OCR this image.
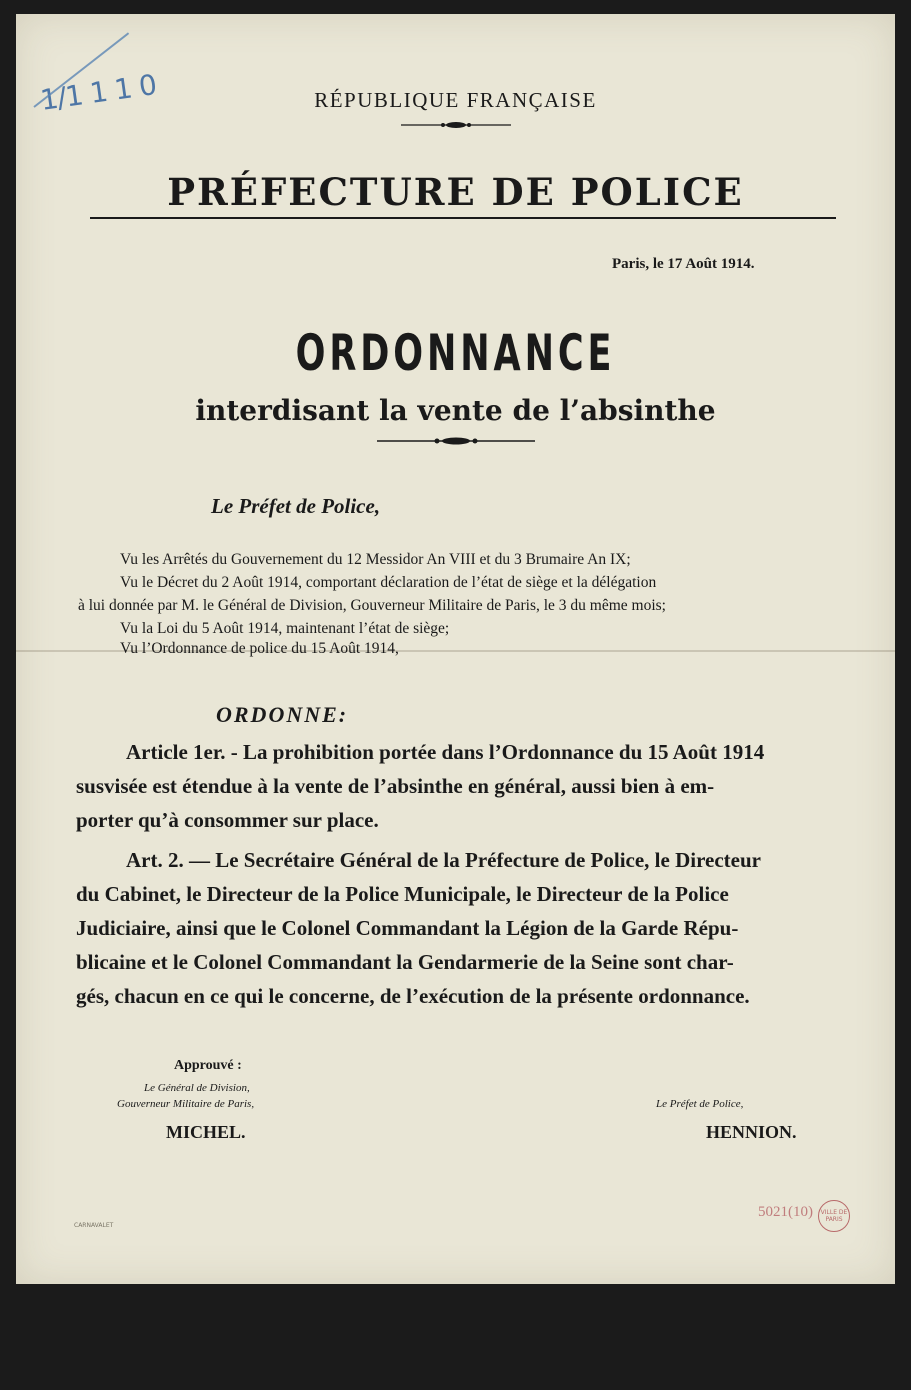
1/1 1 1 0	RÉPUBLIQUE FRANÇAISE
PRÉFECTURE DE POLICE
Paris, le 17 Août 1914.
ORDONNANCE
interdisant la vente de l’absinthe
Le Préfet de Police,
Vu les Arrêtés du Gouvernement du 12 Messidor An VIII et du 3 Brumaire An IX;
Vu le Décret du 2 Août 1914, comportant déclaration de l’état de siège et la délégation
à lui donnée par M. le Général de Division, Gouverneur Militaire de Paris, le 3 du même mois;
Vu la Loi du 5 Août 1914, maintenant l’état de siège;
Vu l’Ordonnance de police du 15 Août 1914,
ORDONNE:
Article 1er. - La prohibition portée dans l’Ordonnance du 15 Août 1914
susvisée est étendue à la vente de l’absinthe en général, aussi bien à em-
porter qu’à consommer sur place.
Art. 2. — Le Secrétaire Général de la Préfecture de Police, le Directeur
du Cabinet, le Directeur de la Police Municipale, le Directeur de la Police
Judiciaire, ainsi que le Colonel Commandant la Légion de la Garde Répu-
blicaine et le Colonel Commandant la Gendarmerie de la Seine sont char-
gés, chacun en ce qui le concerne, de l’exécution de la présente ordonnance.
Approuvé :
Le Général de Division,
Gouverneur Militaire de Paris,
MICHEL.
Le Préfet de Police,
HENNION.
CARNAVALET
5021(10)	VILLE DE PARIS
